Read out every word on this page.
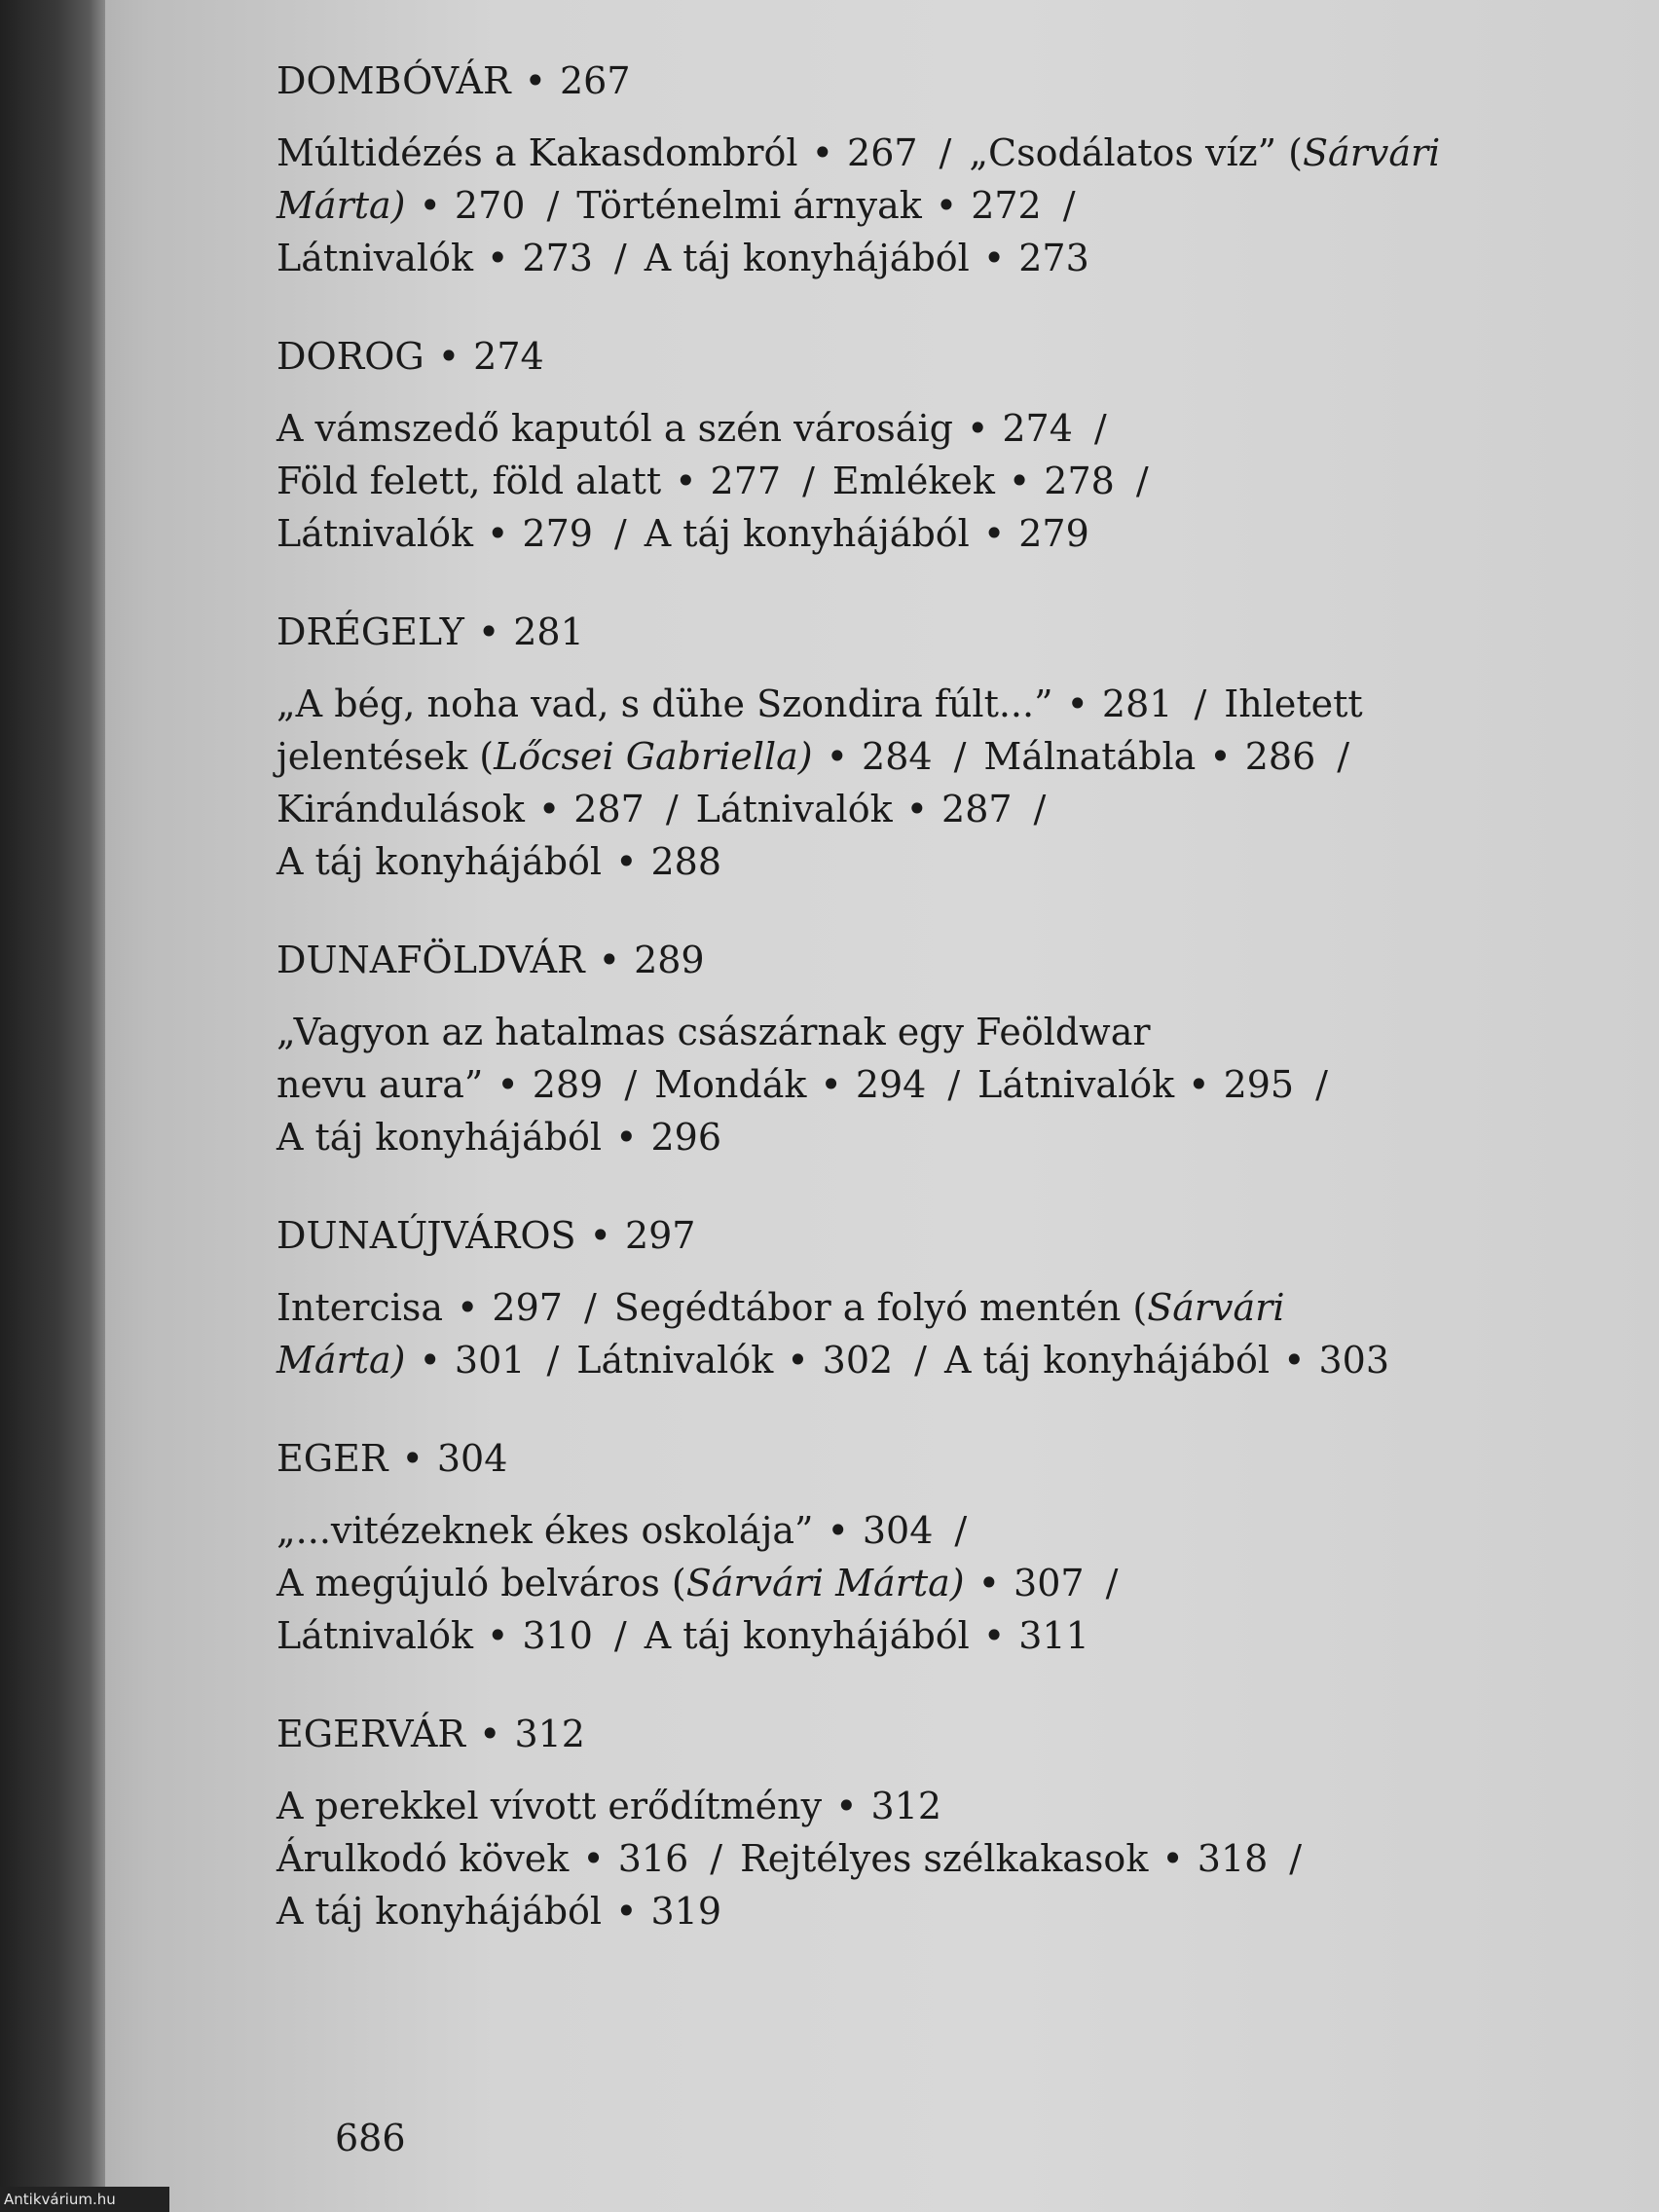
DOMBÓVÁR • 267
Múltidézés a Kakasdombról • 267 / „Csodálatos víz” (Sárvári
Márta) • 270 / Történelmi árnyak • 272 /
Látnivalók • 273 / A táj konyhájából • 273
DOROG • 274
A vámszedő kaputól a szén városáig • 274 /
Föld felett, föld alatt • 277 / Emlékek • 278 /
Látnivalók • 279 / A táj konyhájából • 279
DRÉGELY • 281
„A bég, noha vad, s dühe Szondira fúlt...” • 281 / Ihletett
jelentések (Lőcsei Gabriella) • 284 / Málnatábla • 286 /
Kirándulások • 287 / Látnivalók • 287 /
A táj konyhájából • 288
DUNAFÖLDVÁR • 289
„Vagyon az hatalmas császárnak egy Feöldwar
nevu aura” • 289 / Mondák • 294 / Látnivalók • 295 /
A táj konyhájából • 296
DUNAÚJVÁROS • 297
Intercisa • 297 / Segédtábor a folyó mentén (Sárvári
Márta) • 301 / Látnivalók • 302 / A táj konyhájából • 303
EGER • 304
„...vitézeknek ékes oskolája” • 304 /
A megújuló belváros (Sárvári Márta) • 307 /
Látnivalók • 310 / A táj konyhájából • 311
EGERVÁR • 312
A perekkel vívott erődítmény • 312
Árulkodó kövek • 316 / Rejtélyes szélkakasok • 318 /
A táj konyhájából • 319
686
Antikvárium.hu
